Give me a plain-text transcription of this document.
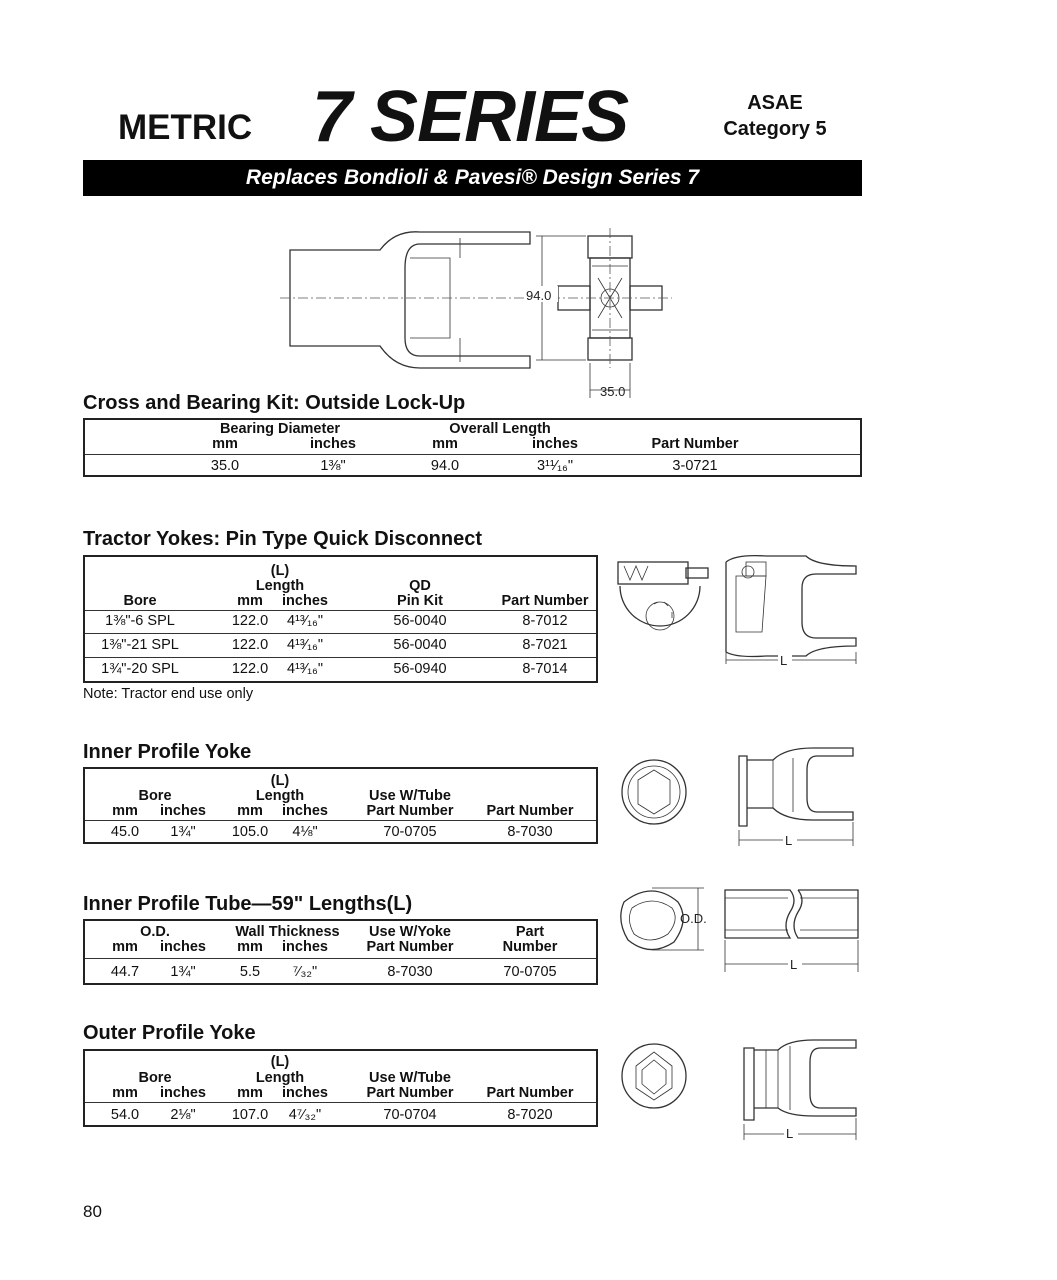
METRIC 7 SERIES	ASAE
Category 5
Replaces Bondioli & Pavesi® Design Series 7
94.0
35.0
Cross and Bearing Kit: Outside Lock-Up
Bearing Diameter	Overall Length
mm	inches	mm	inches	Part Number
35.0	1⅜"	94.0	3¹¹⁄₁₆"	3-0721
Tractor Yokes: Pin Type Quick Disconnect
(L)
Length	QD
Bore	mm	inches	Pin Kit	Part Number
1⅜"-6 SPL	122.0	4¹³⁄₁₆"	56-0040	8-7012
1⅜"-21 SPL	122.0	4¹³⁄₁₆"	56-0040	8-7021
1¾"-20 SPL	122.0	4¹³⁄₁₆"	56-0940	8-7014
Note: Tractor end use only
L
Inner Profile Yoke
(L)
Bore	Length	Use W/Tube
mm	inches	mm	inches	Part Number	Part Number
45.0	1¾"	105.0	4⅛"	70-0705	8-7030
L
Inner Profile Tube—59" Lengths(L)
O.D.	Wall Thickness	Use W/Yoke	Part
mm	inches	mm	inches	Part Number	Number
44.7	1¾"	5.5	⁷⁄₃₂"	8-7030	70-0705
O.D.
L
Outer Profile Yoke
(L)
Bore	Length	Use W/Tube
mm	inches	mm	inches	Part Number	Part Number
54.0	2⅛"	107.0	4⁷⁄₃₂"	70-0704	8-7020
L
80
